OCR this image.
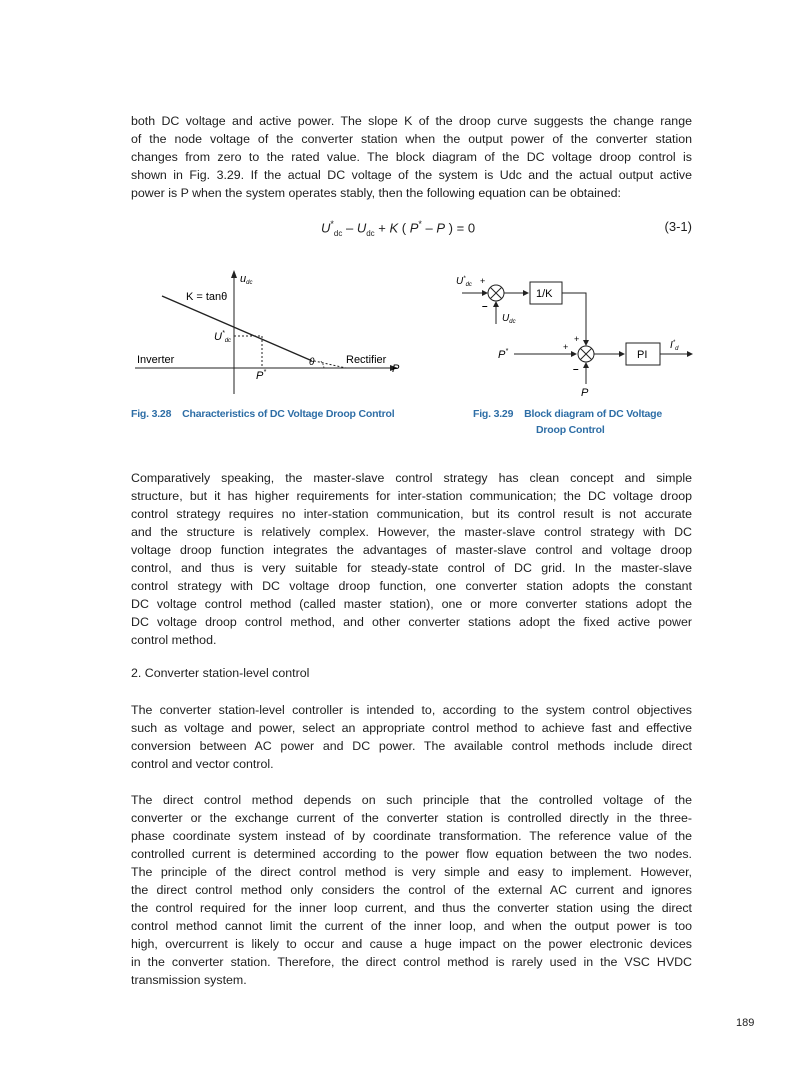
both DC voltage and active power. The slope K of the droop curve suggests the change range
of the node voltage of the converter station when the output power of the converter station
changes from zero to the rated value. The block diagram of the DC voltage droop control is
shown in Fig. 3.29. If the actual DC voltage of the system is Udc and the actual output active
power is P when the system operates stably, then the following equation can be obtained:
$U^*_{dc} - U_{dc} + K$ ( P* – P ) = 0	(3-1)
udc
K = tanθ
$U^*_{dc}$
P*
θ
Inverter	Rectifier
P
1/K
PI
$U^*_{dc}$ +
–
$U_{dc}$
P*	+
+
–
P
$I^*_d$
Fig. 3.28 Characteristics of DC Voltage Droop Control	Fig. 3.29 Block diagram of DC Voltage
Droop Control
Comparatively speaking, the master-slave control strategy has clean concept and simple
structure, but it has higher requirements for inter-station communication; the DC voltage droop
control strategy requires no inter-station communication, but its control result is not accurate
and the structure is relatively complex. However, the master-slave control strategy with DC
voltage droop function integrates the advantages of master-slave control and voltage droop
control, and thus is very suitable for steady-state control of DC grid. In the master-slave
control strategy with DC voltage droop function, one converter station adopts the constant
DC voltage control method (called master station), one or more converter stations adopt the
DC voltage droop control method, and other converter stations adopt the fixed active power
control method.
2. Converter station-level control
The converter station-level controller is intended to, according to the system control objectives
such as voltage and power, select an appropriate control method to achieve fast and effective
conversion between AC power and DC power. The available control methods include direct
control and vector control.
The direct control method depends on such principle that the controlled voltage of the
converter or the exchange current of the converter station is controlled directly in the three-
phase coordinate system instead of by coordinate transformation. The reference value of the
controlled current is determined according to the power flow equation between the two nodes.
The principle of the direct control method is very simple and easy to implement. However,
the direct control method only considers the control of the external AC current and ignores
the control required for the inner loop current, and thus the converter station using the direct
control method cannot limit the current of the inner loop, and when the output power is too
high, overcurrent is likely to occur and cause a huge impact on the power electronic devices
in the converter station. Therefore, the direct control method is rarely used in the VSC HVDC
transmission system.
189
